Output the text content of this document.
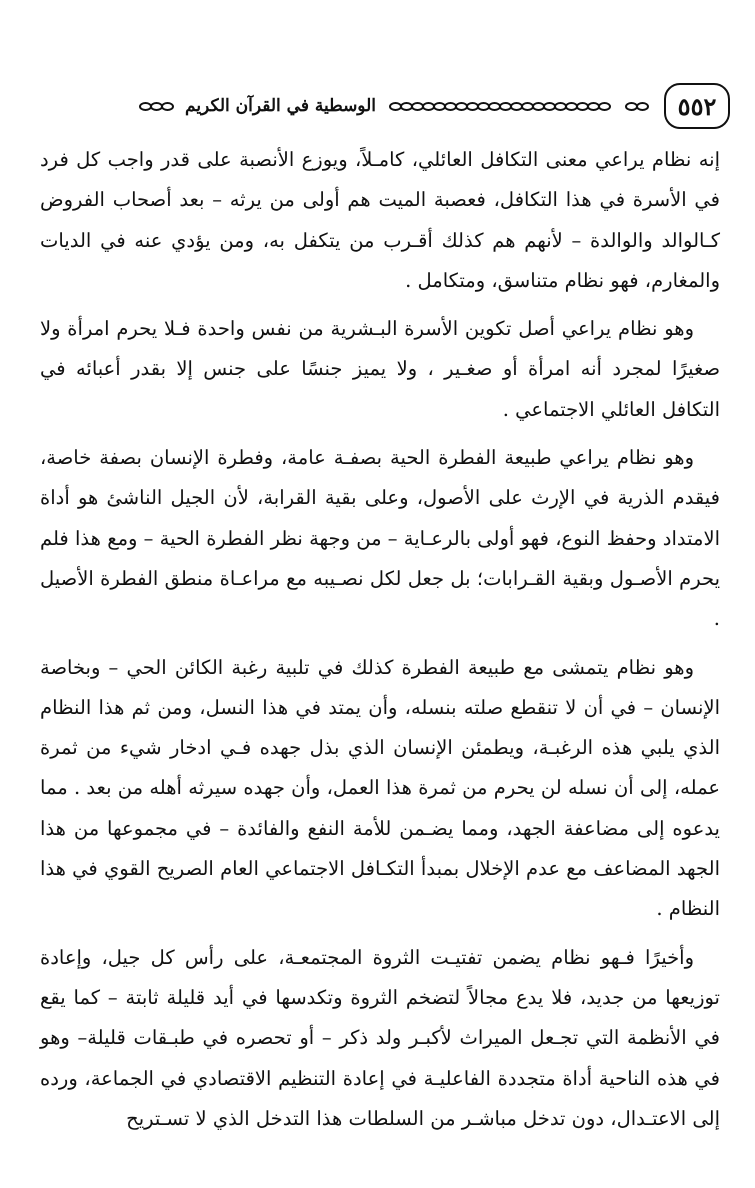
٥٥٢
الوسطية في القرآن الكريم

إنه نظام يراعي معنى التكافل العائلي، كامـلاً، ويوزع الأنصبة على قدر واجب كل فرد في الأسرة في هذا التكافل، فعصبة الميت هم أولى من يرثه – بعد أصحاب الفروض كـالوالد والوالدة – لأنهم هم كذلك أقـرب من يتكفل به، ومن يؤدي عنه في الديات والمغارم، فهو نظام متناسق، ومتكامل .

وهو نظام يراعي أصل تكوين الأسرة البـشرية من نفس واحدة فـلا يحرم امرأة ولا صغيرًا لمجرد أنه امرأة أو صغـير ، ولا يميز جنسًا على جنس إلا بقدر أعبائه في التكافل العائلي الاجتماعي .

وهو نظام يراعي طبيعة الفطرة الحية بصفـة عامة، وفطرة الإنسان بصفة خاصة، فيقدم الذرية في الإرث على الأصول، وعلى بقية القرابة، لأن الجيل الناشئ هو أداة الامتداد وحفظ النوع، فهو أولى بالرعـاية – من وجهة نظر الفطرة الحية – ومع هذا فلم يحرم الأصـول وبقية القـرابات؛ بل جعل لكل نصـيبه مع مراعـاة منطق الفطرة الأصيل .

وهو نظام يتمشى مع طبيعة الفطرة كذلك في تلبية رغبة الكائن الحي – وبخاصة الإنسان – في أن لا تنقطع صلته بنسله، وأن يمتد في هذا النسل، ومن ثم هذا النظام الذي يلبي هذه الرغبـة، ويطمئن الإنسان الذي بذل جهده فـي ادخار شيء من ثمرة عمله، إلى أن نسله لن يحرم من ثمرة هذا العمل، وأن جهده سيرثه أهله من بعد . مما يدعوه إلى مضاعفة الجهد، ومما يضـمن للأمة النفع والفائدة – في مجموعها من هذا الجهد المضاعف مع عدم الإخلال بمبدأ التكـافل الاجتماعي العام الصريح القوي في هذا النظام .

وأخيرًا فـهو نظام يضمن تفتيـت الثروة المجتمعـة، على رأس كل جيل، وإعادة توزيعها من جديد، فلا يدع مجالاً لتضخم الثروة وتكدسها في أيد قليلة ثابتة – كما يقع في الأنظمة التي تجـعل الميراث لأكبـر ولد ذكر – أو تحصره في طبـقات قليلة– وهو في هذه الناحية أداة متجددة الفاعليـة في إعادة التنظيم الاقتصادي في الجماعة، ورده إلى الاعتـدال، دون تدخل مباشـر من السلطات هذا التدخل الذي لا تسـتريح
